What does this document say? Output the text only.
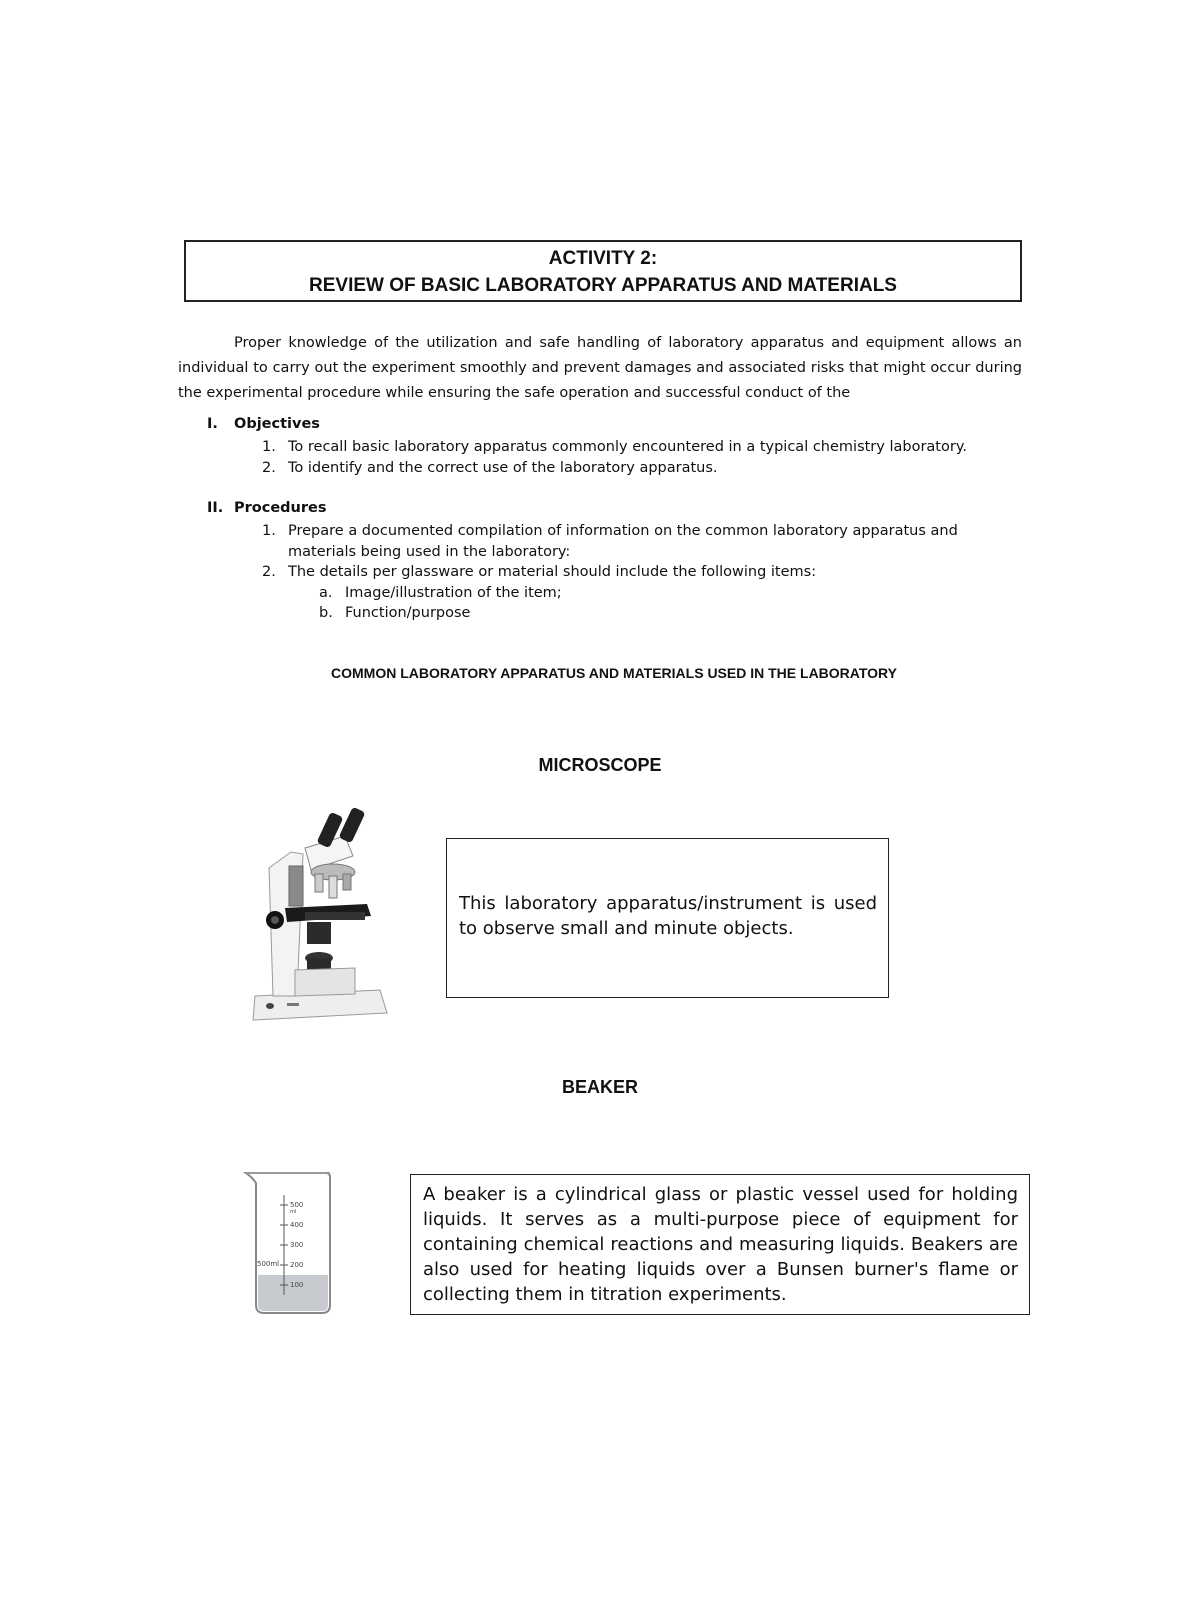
ACTIVITY 2:
REVIEW OF BASIC LABORATORY APPARATUS AND MATERIALS

Proper knowledge of the utilization and safe handling of laboratory apparatus and equipment allows an individual to carry out the experiment smoothly and prevent damages and associated risks that might occur during the experimental procedure while ensuring the safe operation and successful conduct of the

I. Objectives
1. To recall basic laboratory apparatus commonly encountered in a typical chemistry laboratory.
2. To identify and the correct use of the laboratory apparatus.
II. Procedures
1. Prepare a documented compilation of information on the common laboratory apparatus and
materials being used in the laboratory:
2. The details per glassware or material should include the following items:
a. Image/illustration of the item;
b. Function/purpose
COMMON LABORATORY APPARATUS AND MATERIALS USED IN THE LABORATORY
MICROSCOPE
This laboratory apparatus/instrument is used to observe small and minute objects.
BEAKER
500
ml
400
300
200
100
500ml
A beaker is a cylindrical glass or plastic vessel used for holding liquids. It serves as a multi-purpose piece of equipment for containing chemical reactions and measuring liquids. Beakers are also used for heating liquids over a Bunsen burner's flame or collecting them in titration experiments.
